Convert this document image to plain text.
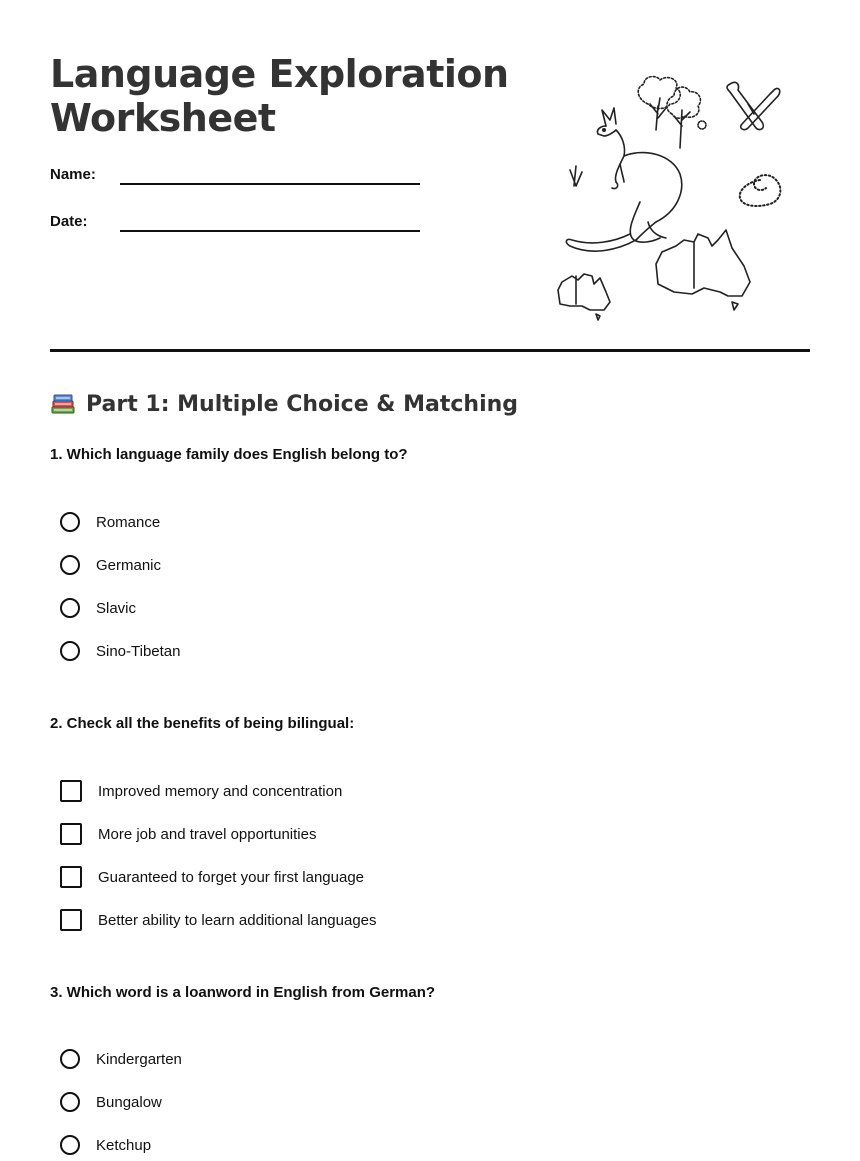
Language Exploration
Worksheet
Name:
Date:
Part 1: Multiple Choice & Matching
1. Which language family does English belong to?
Romance
Germanic
Slavic
Sino-Tibetan
2. Check all the benefits of being bilingual:
Improved memory and concentration
More job and travel opportunities
Guaranteed to forget your first language
Better ability to learn additional languages
3. Which word is a loanword in English from German?
Kindergarten
Bungalow
Ketchup
